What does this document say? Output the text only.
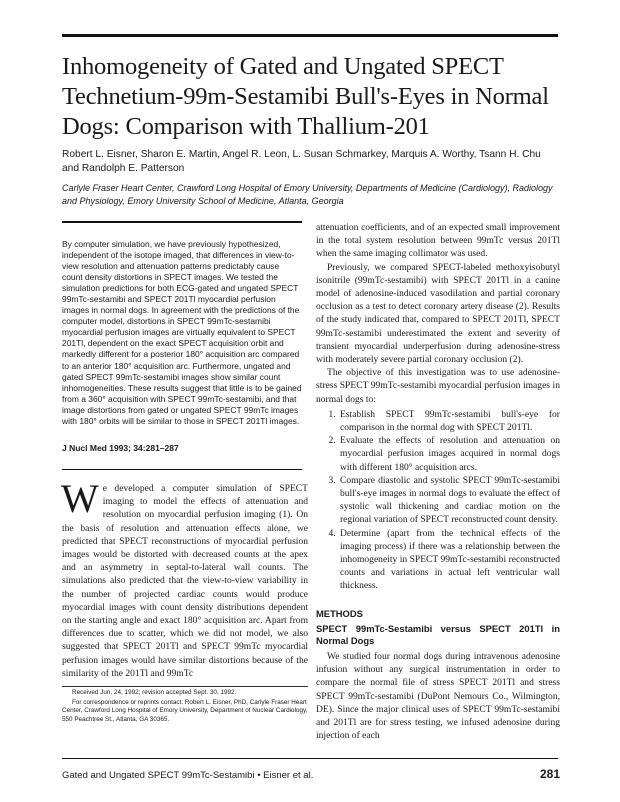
Inhomogeneity of Gated and Ungated SPECT Technetium-99m-Sestamibi Bull's-Eyes in Normal Dogs: Comparison with Thallium-201
Robert L. Eisner, Sharon E. Martin, Angel R. Leon, L. Susan Schmarkey, Marquis A. Worthy, Tsann H. Chu and Randolph E. Patterson
Carlyle Fraser Heart Center, Crawford Long Hospital of Emory University, Departments of Medicine (Cardiology), Radiology and Physiology, Emory University School of Medicine, Atlanta, Georgia

By computer simulation, we have previously hypothesized, independent of the isotope imaged, that differences in view-to-view resolution and attenuation patterns predictably cause count density distortions in SPECT images. We tested the simulation predictions for both ECG-gated and ungated SPECT 99mTc-sestamibi and SPECT 201Tl myocardial perfusion images in normal dogs. In agreement with the predictions of the computer model, distortions in SPECT 99mTc-sestamibi myocardial perfusion images are virtually equivalent to SPECT 201Tl, dependent on the exact SPECT acquisition orbit and markedly different for a posterior 180° acquisition arc compared to an anterior 180° acquisition arc. Furthermore, ungated and gated SPECT 99mTc-sestamibi images show similar count inhomogeneities. These results suggest that little is to be gained from a 360° acquisition with SPECT 99mTc-sestamibi, and that image distortions from gated or ungated SPECT 99mTc images with 180° orbits will be similar to those in SPECT 201Tl images.

J Nucl Med 1993; 34:281–287

We developed a computer simulation of SPECT imaging to model the effects of attenuation and resolution on myocardial perfusion imaging (1). On the basis of resolution and attenuation effects alone, we predicted that SPECT reconstructions of myocardial perfusion images would be distorted with decreased counts at the apex and an asymmetry in septal-to-lateral wall counts. The simulations also predicted that the view-to-view variability in the number of projected cardiac counts would produce myocardial images with count density distributions dependent on the starting angle and exact 180° acquisition arc. Apart from differences due to scatter, which we did not model, we also suggested that SPECT 201Tl and SPECT 99mTc myocardial perfusion images would have similar distortions because of the similarity of the 201Tl and 99mTc

Received Jun. 24, 1992; revision accepted Sept. 30, 1992.

For correspondence or reprints contact: Robert L. Eisner, PhD, Carlyle Fraser Heart Center, Crawford Long Hospital of Emory University, Department of Nuclear Cardiology, 550 Peachtree St., Atlanta, GA 30365.

attenuation coefficients, and of an expected small improvement in the total system resolution between 99mTc versus 201Tl when the same imaging collimator was used.

Previously, we compared SPECT-labeled methoxyisobutyl isonitrile (99mTc-sestamibi) with SPECT 201Tl in a canine model of adenosine-induced vasodilation and partial coronary occlusion as a test to detect coronary artery disease (2). Results of the study indicated that, compared to SPECT 201Tl, SPECT 99mTc-sestamibi underestimated the extent and severity of transient myocardial underperfusion during adenosine-stress with moderately severe partial coronary occlusion (2).

The objective of this investigation was to use adenosine-stress SPECT 99mTc-sestamibi myocardial perfusion images in normal dogs to:

1. Establish SPECT 99mTc-sestamibi bull's-eye for comparison in the normal dog with SPECT 201Tl.
2. Evaluate the effects of resolution and attenuation on myocardial perfusion images acquired in normal dogs with different 180° acquisition arcs.
3. Compare diastolic and systolic SPECT 99mTc-sestamibi bull's-eye images in normal dogs to evaluate the effect of systolic wall thickening and cardiac motion on the regional variation of SPECT reconstructed count density.
4. Determine (apart from the technical effects of the imaging process) if there was a relationship between the inhomogeneity in SPECT 99mTc-sestamibi reconstructed counts and variations in actual left ventricular wall thickness.
METHODS
SPECT 99mTc-Sestamibi versus SPECT 201Tl in Normal Dogs

We studied four normal dogs during intravenous adenosine infusion without any surgical instrumentation in order to compare the normal file of stress SPECT 201Tl and stress SPECT 99mTc-sestamibi (DuPont Nemours Co., Wilmington, DE). Since the major clinical uses of SPECT 99mTc-sestamibi and 201Tl are for stress testing, we infused adenosine during injection of each

Gated and Ungated SPECT 99mTc-Sestamibi • Eisner et al.	281
